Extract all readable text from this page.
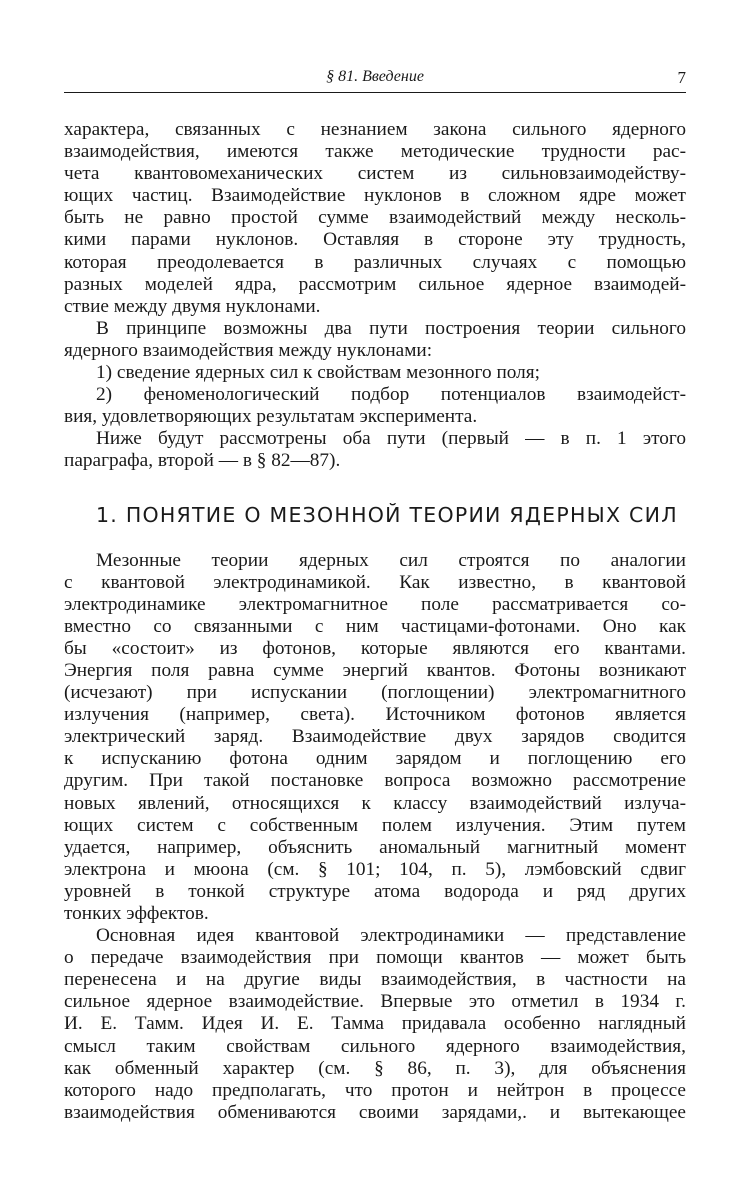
§ 81. Введение	7

характера, связанных с незнанием закона сильного ядерного

взаимодействия, имеются также методические трудности рас-

чета квантовомеханических систем из сильновзаимодейству-

ющих частиц. Взаимодействие нуклонов в сложном ядре может

быть не равно простой сумме взаимодействий между несколь-

кими парами нуклонов. Оставляя в стороне эту трудность,

которая преодолевается в различных случаях с помощью

разных моделей ядра, рассмотрим сильное ядерное взаимодей-

ствие между двумя нуклонами.

В принципе возможны два пути построения теории сильного

ядерного взаимодействия между нуклонами:

1) сведение ядерных сил к свойствам мезонного поля;

2) феноменологический подбор потенциалов взаимодейст-

вия, удовлетворяющих результатам эксперимента.

Ниже будут рассмотрены оба пути (первый — в п. 1 этого

параграфа, второй — в § 82—87).

1. ПОНЯТИЕ О МЕЗОННОЙ ТЕОРИИ ЯДЕРНЫХ СИЛ

Мезонные теории ядерных сил строятся по аналогии

с квантовой электродинамикой. Как известно, в квантовой

электродинамике электромагнитное поле рассматривается со-

вместно со связанными с ним частицами-фотонами. Оно как

бы «состоит» из фотонов, которые являются его квантами.

Энергия поля равна сумме энергий квантов. Фотоны возникают

(исчезают) при испускании (поглощении) электромагнитного

излучения (например, света). Источником фотонов является

электрический заряд. Взаимодействие двух зарядов сводится

к испусканию фотона одним зарядом и поглощению его

другим. При такой постановке вопроса возможно рассмотрение

новых явлений, относящихся к классу взаимодействий излуча-

ющих систем с собственным полем излучения. Этим путем

удается, например, объяснить аномальный магнитный момент

электрона и мюона (см. § 101; 104, п. 5), лэмбовский сдвиг

уровней в тонкой структуре атома водорода и ряд других

тонких эффектов.

Основная идея квантовой электродинамики — представление

о передаче взаимодействия при помощи квантов — может быть

перенесена и на другие виды взаимодействия, в частности на

сильное ядерное взаимодействие. Впервые это отметил в 1934 г.

И. Е. Тамм. Идея И. Е. Тамма придавала особенно наглядный

смысл таким свойствам сильного ядерного взаимодействия,

как обменный характер (см. § 86, п. 3), для объяснения

которого надо предполагать, что протон и нейтрон в процессе

взаимодействия обмениваются своими зарядами,. и вытекающее
